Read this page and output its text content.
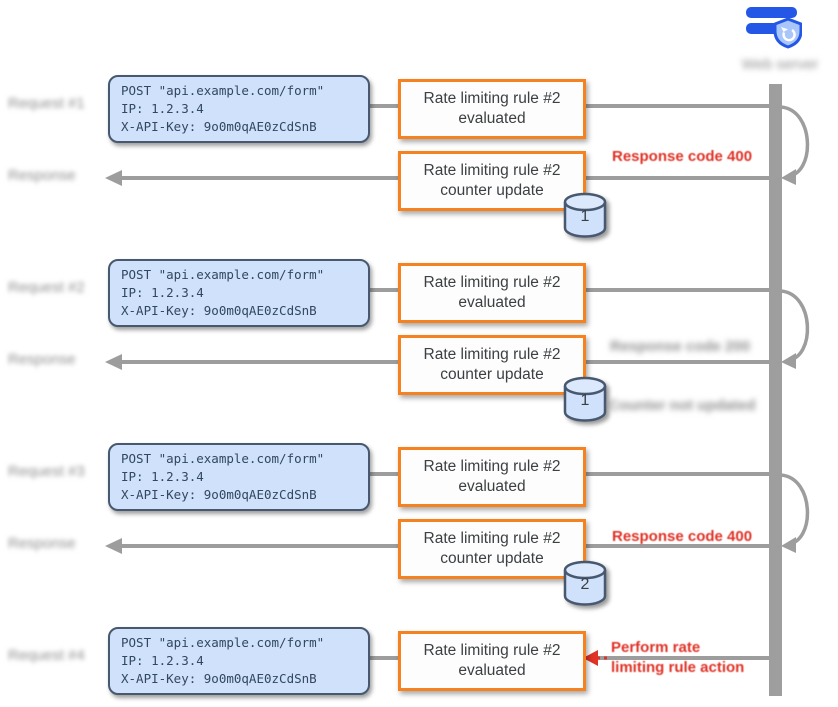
Web server
Request #1
Response
Request #2
Response
Request #3
Response
Request #4
POST "api.example.com/form"
IP: 1.2.3.4
X-API-Key: 9o0m0qAE0zCdSnB
POST "api.example.com/form"
IP: 1.2.3.4
X-API-Key: 9o0m0qAE0zCdSnB
POST "api.example.com/form"
IP: 1.2.3.4
X-API-Key: 9o0m0qAE0zCdSnB
POST "api.example.com/form"
IP: 1.2.3.4
X-API-Key: 9o0m0qAE0zCdSnB
Rate limiting rule #2
evaluated
Rate limiting rule #2
evaluated
Rate limiting rule #2
evaluated
Rate limiting rule #2
evaluated
Rate limiting rule #2
counter update
Rate limiting rule #2
counter update
Rate limiting rule #2
counter update
1
1
2
Response code 400
Response code 200
Counter not updated
Response code 400
Perform rate
limiting rule action
